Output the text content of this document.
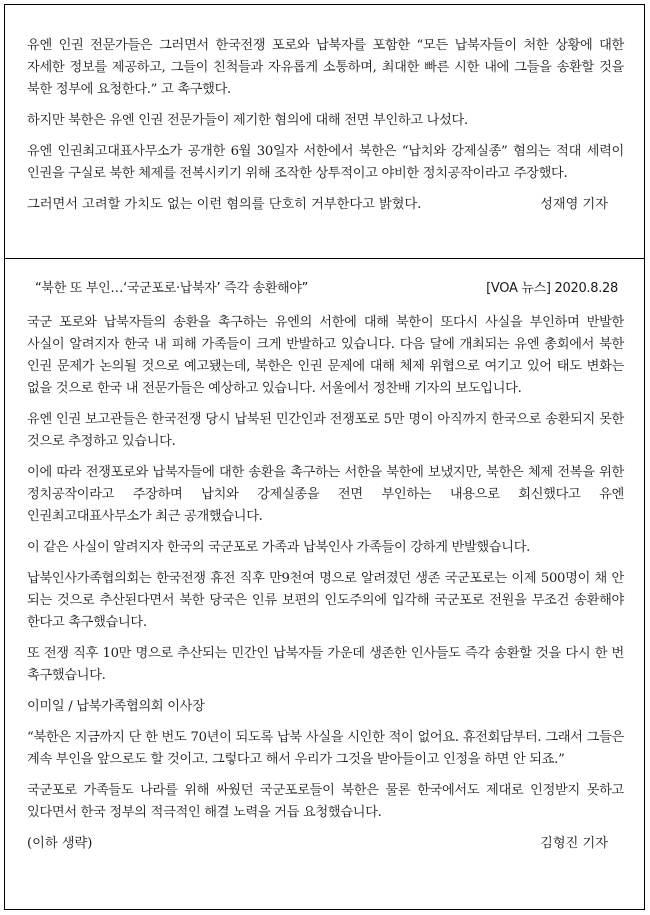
유엔 인권 전문가들은 그러면서 한국전쟁 포로와 납북자를 포함한 “모든 납북자들이 처한 상황에 대한 자세한 정보를 제공하고, 그들이 친척들과 자유롭게 소통하며, 최대한 빠른 시한 내에 그들을 송환할 것을 북한 정부에 요청한다.” 고 촉구했다.

하지만 북한은 유엔 인권 전문가들이 제기한 혐의에 대해 전면 부인하고 나섰다.

유엔 인권최고대표사무소가 공개한 6월 30일자 서한에서 북한은 “납치와 강제실종” 혐의는 적대 세력이 인권을 구실로 북한 체제를 전복시키기 위해 조작한 상투적이고 야비한 정치공작이라고 주장했다.

그러면서 고려할 가치도 없는 이런 혐의를 단호히 거부한다고 밝혔다.	성재영 기자
“북한 또 부인…‘국군포로·납북자’ 즉각 송환해야”	[VOA 뉴스] 2020.8.28

국군 포로와 납북자들의 송환을 촉구하는 유엔의 서한에 대해 북한이 또다시 사실을 부인하며 반발한 사실이 알려지자 한국 내 피해 가족들이 크게 반발하고 있습니다. 다음 달에 개최되는 유엔 총회에서 북한 인권 문제가 논의될 것으로 예고됐는데, 북한은 인권 문제에 대해 체제 위협으로 여기고 있어 태도 변화는 없을 것으로 한국 내 전문가들은 예상하고 있습니다. 서울에서 정찬배 기자의 보도입니다.

유엔 인권 보고관들은 한국전쟁 당시 납북된 민간인과 전쟁포로 5만 명이 아직까지 한국으로 송환되지 못한 것으로 추정하고 있습니다.

이에 따라 전쟁포로와 납북자들에 대한 송환을 촉구하는 서한을 북한에 보냈지만, 북한은 체제 전복을 위한 정치공작이라고 주장하며 납치와 강제실종을 전면 부인하는 내용으로 회신했다고 유엔 인권최고대표사무소가 최근 공개했습니다.

이 같은 사실이 알려지자 한국의 국군포로 가족과 납북인사 가족들이 강하게 반발했습니다.

납북인사가족협의회는 한국전쟁 휴전 직후 만9천여 명으로 알려졌던 생존 국군포로는 이제 500명이 채 안 되는 것으로 추산된다면서 북한 당국은 인류 보편의 인도주의에 입각해 국군포로 전원을 무조건 송환해야 한다고 촉구했습니다.

또 전쟁 직후 10만 명으로 추산되는 민간인 납북자들 가운데 생존한 인사들도 즉각 송환할 것을 다시 한 번 촉구했습니다.

이미일 / 납북가족협의회 이사장

“북한은 지금까지 단 한 번도 70년이 되도록 납북 사실을 시인한 적이 없어요. 휴전회담부터. 그래서 그들은 계속 부인을 앞으로도 할 것이고. 그렇다고 해서 우리가 그것을 받아들이고 인정을 하면 안 되죠.”

국군포로 가족들도 나라를 위해 싸웠던 국군포로들이 북한은 물론 한국에서도 제대로 인정받지 못하고 있다면서 한국 정부의 적극적인 해결 노력을 거듭 요청했습니다.

(이하 생략)	김형진 기자
